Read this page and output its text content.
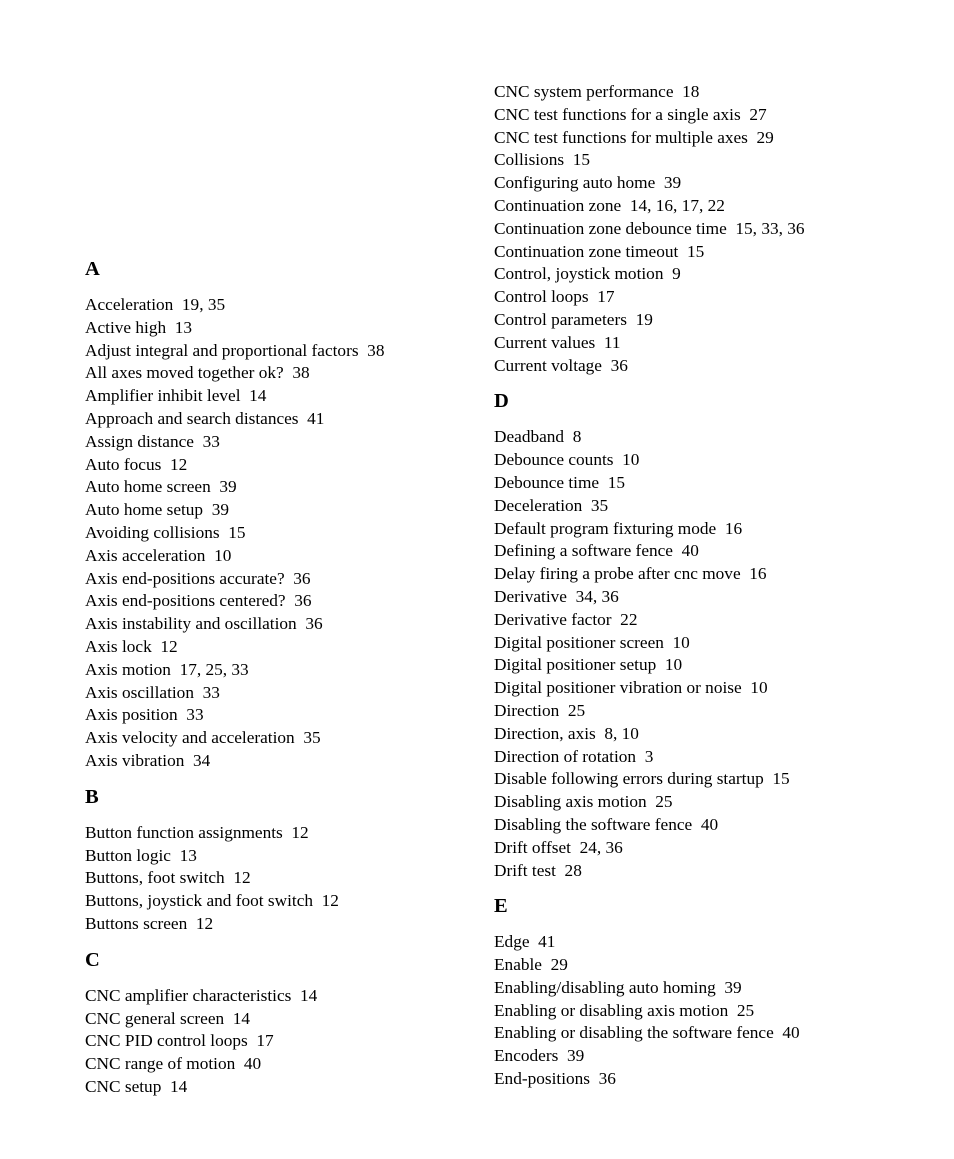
A
Acceleration  19, 35
Active high  13
Adjust integral and proportional factors  38
All axes moved together ok?  38
Amplifier inhibit level  14
Approach and search distances  41
Assign distance  33
Auto focus  12
Auto home screen  39
Auto home setup  39
Avoiding collisions  15
Axis acceleration  10
Axis end-positions accurate?  36
Axis end-positions centered?  36
Axis instability and oscillation  36
Axis lock  12
Axis motion  17, 25, 33
Axis oscillation  33
Axis position  33
Axis velocity and acceleration  35
Axis vibration  34
B
Button function assignments  12
Button logic  13
Buttons, foot switch  12
Buttons, joystick and foot switch  12
Buttons screen  12
C
CNC amplifier characteristics  14
CNC general screen  14
CNC PID control loops  17
CNC range of motion  40
CNC setup  14
CNC system performance  18
CNC test functions for a single axis  27
CNC test functions for multiple axes  29
Collisions  15
Configuring auto home  39
Continuation zone  14, 16, 17, 22
Continuation zone debounce time  15, 33, 36
Continuation zone timeout  15
Control, joystick motion  9
Control loops  17
Control parameters  19
Current values  11
Current voltage  36
D
Deadband  8
Debounce counts  10
Debounce time  15
Deceleration  35
Default program fixturing mode  16
Defining a software fence  40
Delay firing a probe after cnc move  16
Derivative  34, 36
Derivative factor  22
Digital positioner screen  10
Digital positioner setup  10
Digital positioner vibration or noise  10
Direction  25
Direction, axis  8, 10
Direction of rotation  3
Disable following errors during startup  15
Disabling axis motion  25
Disabling the software fence  40
Drift offset  24, 36
Drift test  28
E
Edge  41
Enable  29
Enabling/disabling auto homing  39
Enabling or disabling axis motion  25
Enabling or disabling the software fence  40
Encoders  39
End-positions  36
